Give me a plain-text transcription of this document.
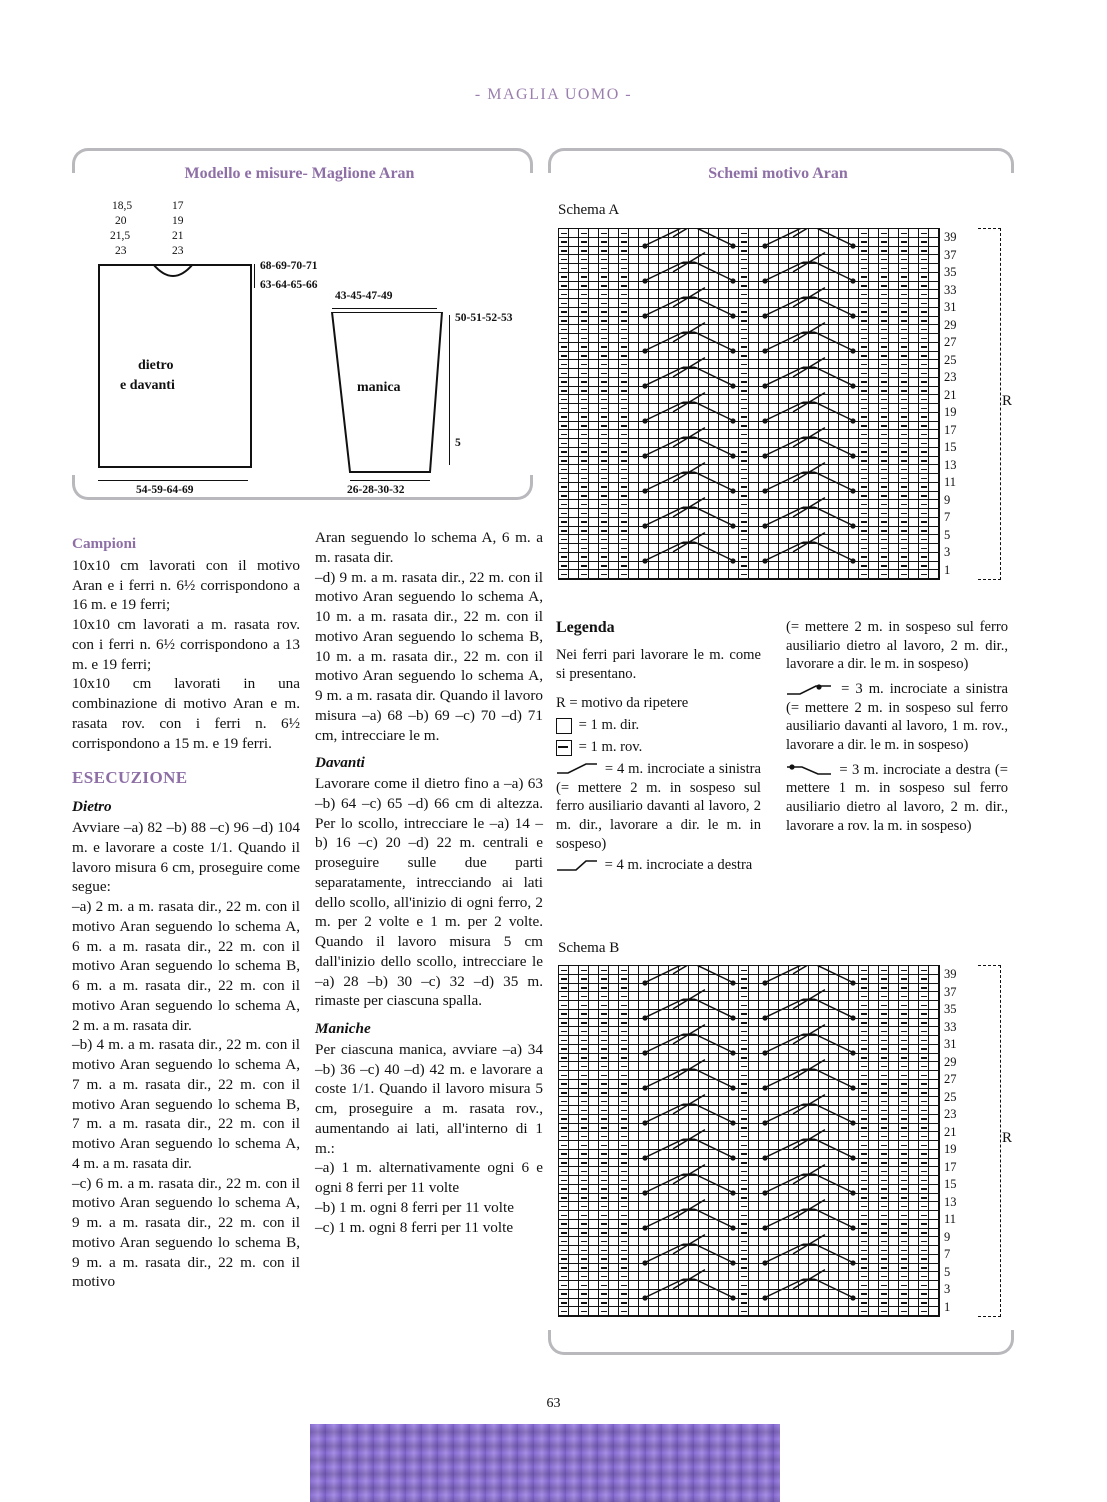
- MAGLIA UOMO -
Modello e misure- Maglione Aran
18,5
20
21,5
23
17
19
21
23
dietro
e davanti
68-69-70-71
63-64-65-66
54-59-64-69
43-45-47-49
manica
50-51-52-53
5
26-28-30-32
Schemi motivo Aran
Schema A
39
37
35
33
31
29
27
25
23
21
19
17
15
13
11
9
7
5
3
1
R
Schema B
39
37
35
33
31
29
27
25
23
21
19
17
15
13
11
9
7
5
3
1
R
Legenda

Nei ferri pari lavorare le m. come si presentano.

R = motivo da ripetere

= 1 m. dir.

= 1 m. rov.

= 4 m. incrociate a sinistra (= mettere 2 m. in sospeso sul ferro ausiliario davanti al lavoro, 2 m. dir., lavorare a dir. le m. in sospeso)

= 4 m. incrociate a destra

(= mettere 2 m. in sospeso sul ferro ausiliario dietro al lavoro, 2 m. dir., lavorare a dir. le m. in sospeso)

= 3 m. incrociate a sinistra (= mettere 2 m. in sospeso sul ferro ausiliario davanti al lavoro, 1 m. rov., lavorare a dir. le m. in sospeso)

= 3 m. incrociate a destra (= mettere 1 m. in sospeso sul ferro ausiliario dietro al lavoro, 2 m. dir., lavorare a rov. la m. in sospeso)

Campioni

10x10 cm lavorati con il motivo Aran e i ferri n. 6½ corrispondono a 16 m. e 19 ferri;

10x10 cm lavorati a m. rasata rov. con i ferri n. 6½ corrispondono a 13 m. e 19 ferri;

10x10 cm lavorati in una combinazione di motivo Aran e m. rasata rov. con i ferri n. 6½ corrispondono a 15 m. e 19 ferri.

ESECUZIONE
Dietro

Avviare –a) 82 –b) 88 –c) 96 –d) 104 m. e lavorare a coste 1/1. Quando il lavoro misura 6 cm, proseguire come segue:

–a) 2 m. a m. rasata dir., 22 m. con il motivo Aran seguendo lo schema A, 6 m. a m. rasata dir., 22 m. con il motivo Aran seguendo lo schema B, 6 m. a m. rasata dir., 22 m. con il motivo Aran seguendo lo schema A, 2 m. a m. rasata dir.

–b) 4 m. a m. rasata dir., 22 m. con il motivo Aran seguendo lo schema A, 7 m. a m. rasata dir., 22 m. con il motivo Aran seguendo lo schema B, 7 m. a m. rasata dir., 22 m. con il motivo Aran seguendo lo schema A, 4 m. a m. rasata dir.

–c) 6 m. a m. rasata dir., 22 m. con il motivo Aran seguendo lo schema A, 9 m. a m. rasata dir., 22 m. con il motivo Aran seguendo lo schema B, 9 m. a m. rasata dir., 22 m. con il motivo

Aran seguendo lo schema A, 6 m. a m. rasata dir.

–d) 9 m. a m. rasata dir., 22 m. con il motivo Aran seguendo lo schema A, 10 m. a m. rasata dir., 22 m. con il motivo Aran seguendo lo schema B, 10 m. a m. rasata dir., 22 m. con il motivo Aran seguendo lo schema A, 9 m. a m. rasata dir. Quando il lavoro misura –a) 68 –b) 69 –c) 70 –d) 71 cm, intrecciare le m.

Davanti

Lavorare come il dietro fino a –a) 63 –b) 64 –c) 65 –d) 66 cm di altezza. Per lo scollo, intrecciare le –a) 14 –b) 16 –c) 20 –d) 22 m. centrali e proseguire sulle due parti separatamente, intrecciando ai lati dello scollo, all'inizio di ogni ferro, 2 m. per 2 volte e 1 m. per 2 volte. Quando il lavoro misura 5 cm dall'inizio dello scollo, intrecciare le –a) 28 –b) 30 –c) 32 –d) 35 m. rimaste per ciascuna spalla.

Maniche

Per ciascuna manica, avviare –a) 34 –b) 36 –c) 40 –d) 42 m. e lavorare a coste 1/1. Quando il lavoro misura 5 cm, proseguire a m. rasata rov., aumentando ai lati, all'interno di 1 m.:

–a) 1 m. alternativamente ogni 6 e ogni 8 ferri per 11 volte

–b) 1 m. ogni 8 ferri per 11 volte

–c) 1 m. ogni 8 ferri per 11 volte

63
